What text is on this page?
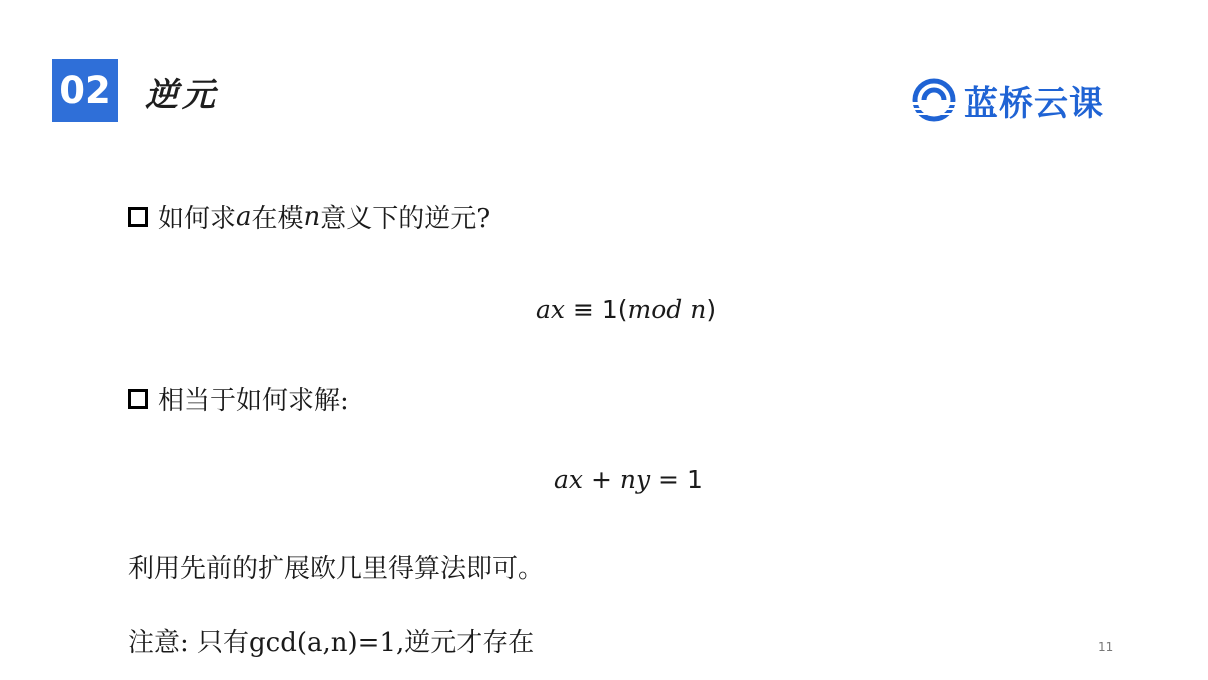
02 逆元	蓝桥云课
如何求 a 在模 n 意义下的逆元?
ax ≡ 1(mod n)
相当于如何求解:
ax + ny = 1
利用先前的扩展欧几里得算法即可。
注意: 只有gcd(a,n)=1,逆元才存在	11
